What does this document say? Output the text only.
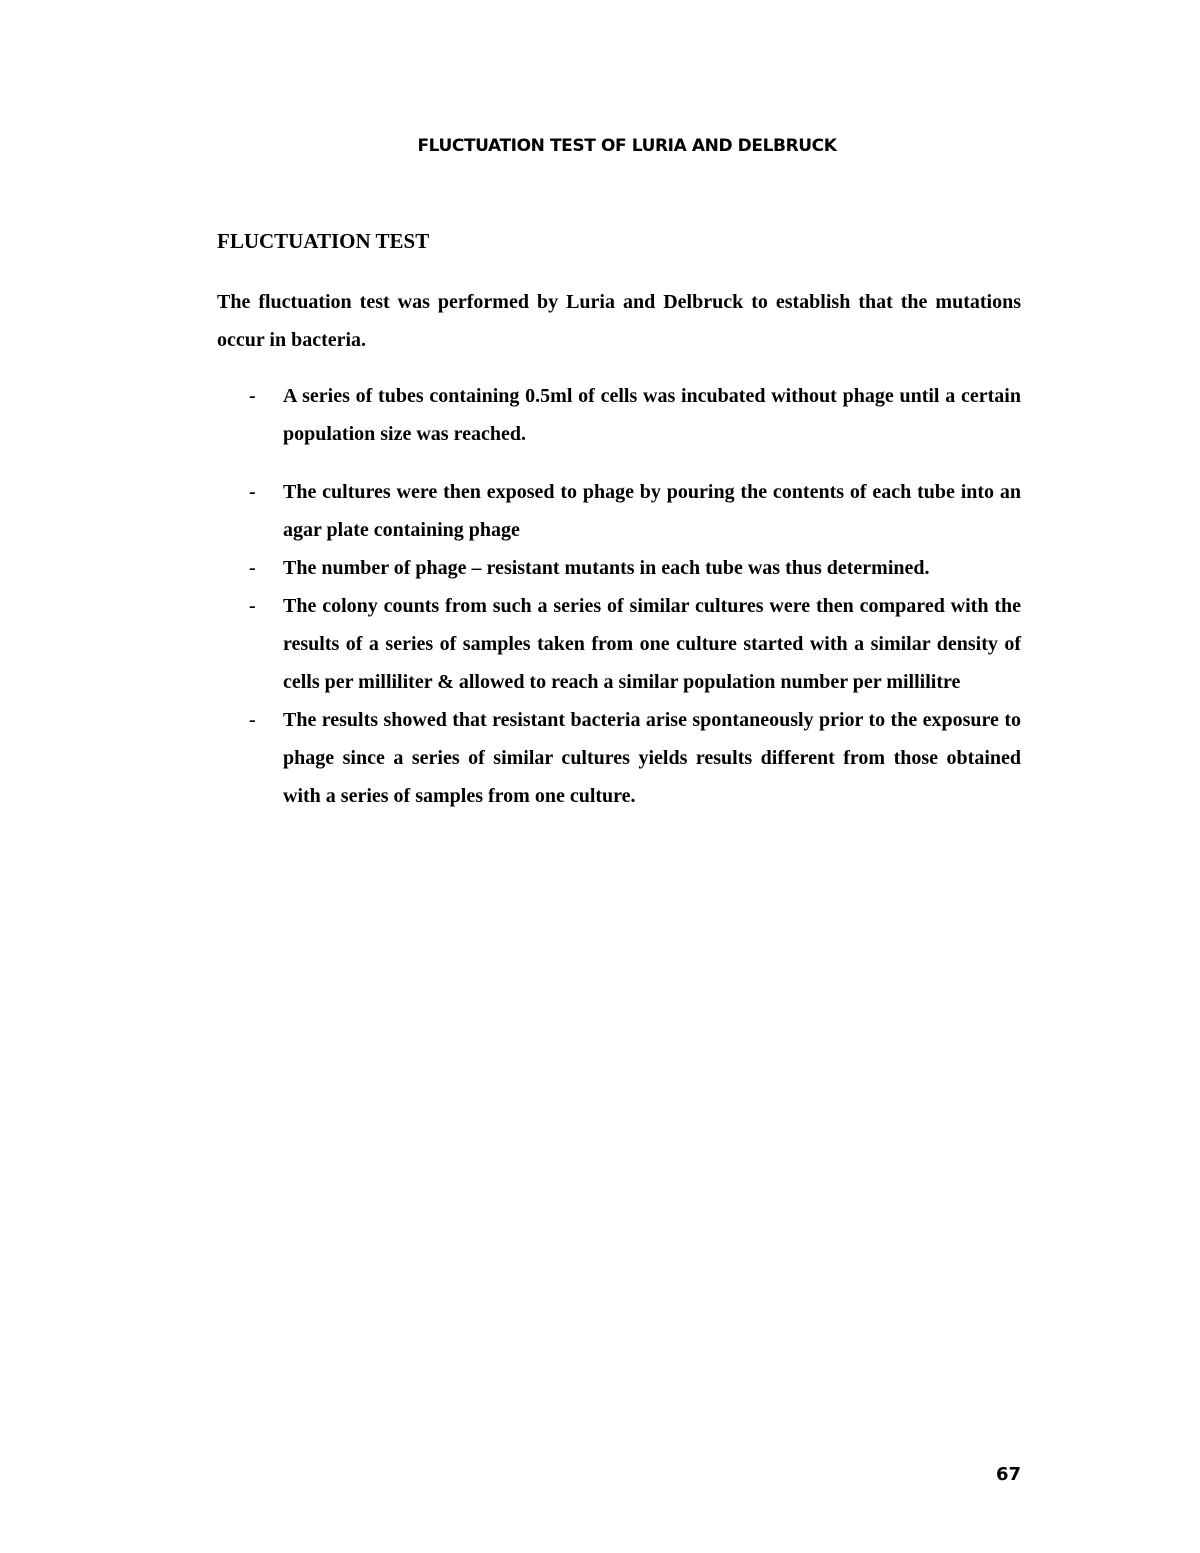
FLUCTUATION TEST OF LURIA AND DELBRUCK
FLUCTUATION TEST

The fluctuation test was performed by Luria and Delbruck to establish that the mutations occur in bacteria.

- A series of tubes containing 0.5ml of cells was incubated without phage until a certain population size was reached.
- The cultures were then exposed to phage by pouring the contents of each tube into an agar plate containing phage
- The number of phage – resistant mutants in each tube was thus determined.
- The colony counts from such a series of similar cultures were then compared with the results of a series of samples taken from one culture started with a similar density of cells per milliliter & allowed to reach a similar population number per millilitre
- The results showed that resistant bacteria arise spontaneously prior to the exposure to phage since a series of similar cultures yields results different from those obtained with a series of samples from one culture.

67
